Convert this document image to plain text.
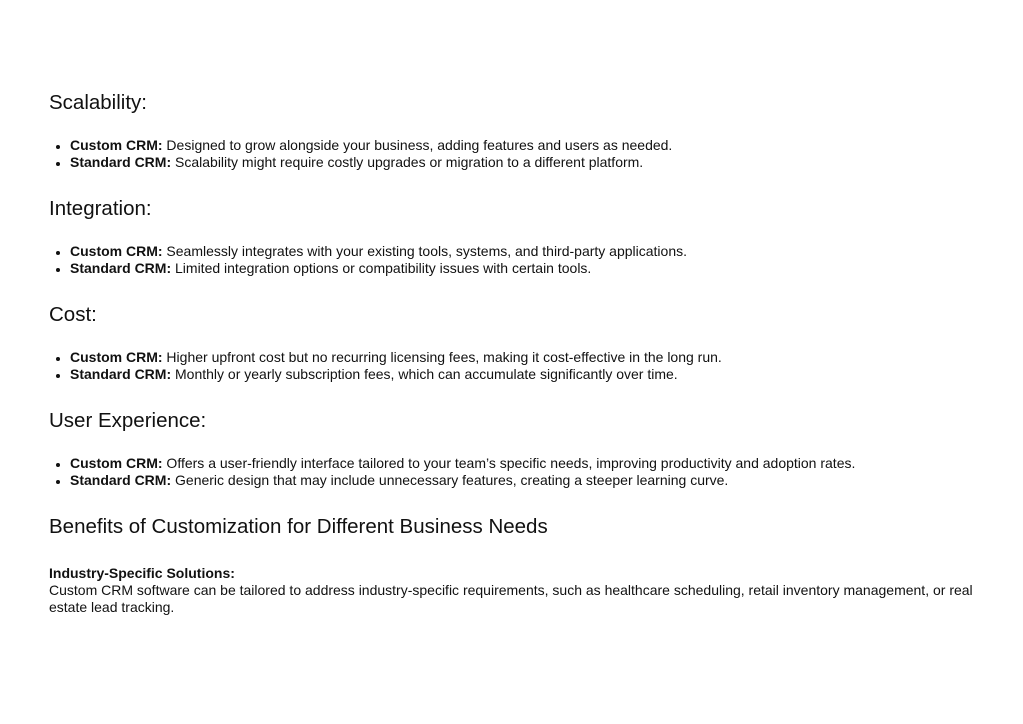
Scalability:
• Custom CRM: Designed to grow alongside your business, adding features and users as needed.
• Standard CRM: Scalability might require costly upgrades or migration to a different platform.
Integration:
• Custom CRM: Seamlessly integrates with your existing tools, systems, and third-party applications.
• Standard CRM: Limited integration options or compatibility issues with certain tools.
Cost:
• Custom CRM: Higher upfront cost but no recurring licensing fees, making it cost-effective in the long run.
• Standard CRM: Monthly or yearly subscription fees, which can accumulate significantly over time.
User Experience:
• Custom CRM: Offers a user-friendly interface tailored to your team’s specific needs, improving productivity and adoption rates.
• Standard CRM: Generic design that may include unnecessary features, creating a steeper learning curve.
Benefits of Customization for Different Business Needs

Industry-Specific Solutions:
Custom CRM software can be tailored to address industry-specific requirements, such as healthcare scheduling, retail inventory management, or real estate lead tracking.
